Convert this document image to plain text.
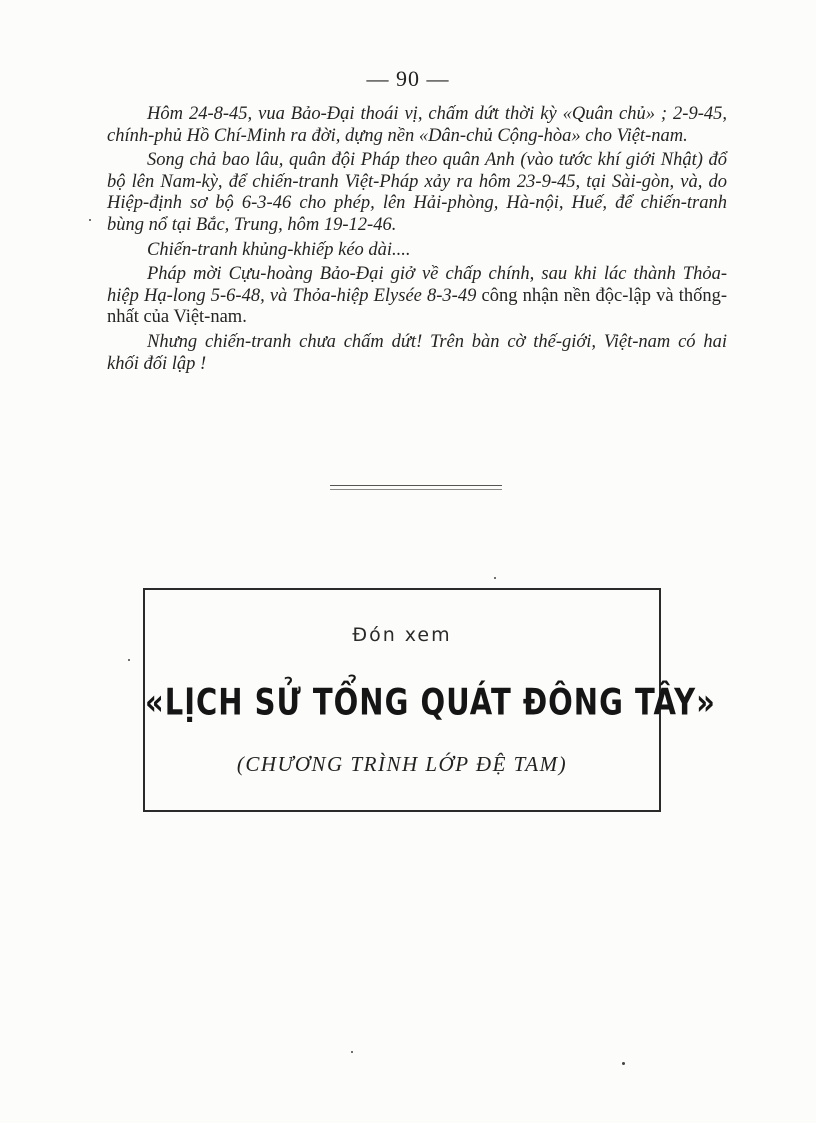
— 90 —

Hôm 24-8-45, vua Bảo-Đại thoái vị, chấm dứt thời kỳ «Quân chủ» ; 2-9-45, chính-phủ Hồ Chí-Minh ra đời, dựng nền «Dân-chủ Cộng-hòa» cho Việt-nam.

Song chả bao lâu, quân đội Pháp theo quân Anh (vào tước khí giới Nhật) đổ bộ lên Nam-kỳ, để chiến-tranh Việt-Pháp xảy ra hôm 23-9-45, tại Sài-gòn, và, do Hiệp-định sơ bộ 6-3-46 cho phép, lên Hải-phòng, Hà-nội, Huế, để chiến-tranh bùng nổ tại Bắc, Trung, hôm 19-12-46.

Chiến-tranh khủng-khiếp kéo dài....

Pháp mời Cựu-hoàng Bảo-Đại giở về chấp chính, sau khi lác thành Thỏa-hiệp Hạ-long 5-6-48, và Thỏa-hiệp Elysée 8-3-49 công nhận nền độc-lập và thống-nhất của Việt-nam.

Nhưng chiến-tranh chưa chấm dứt! Trên bàn cờ thế-giới, Việt-nam có hai khối đối lập !

Đón xem
«LỊCH SỬ TỔNG QUÁT ĐÔNG TÂY»
(CHƯƠNG TRÌNH LỚP ĐỆ TAM)
